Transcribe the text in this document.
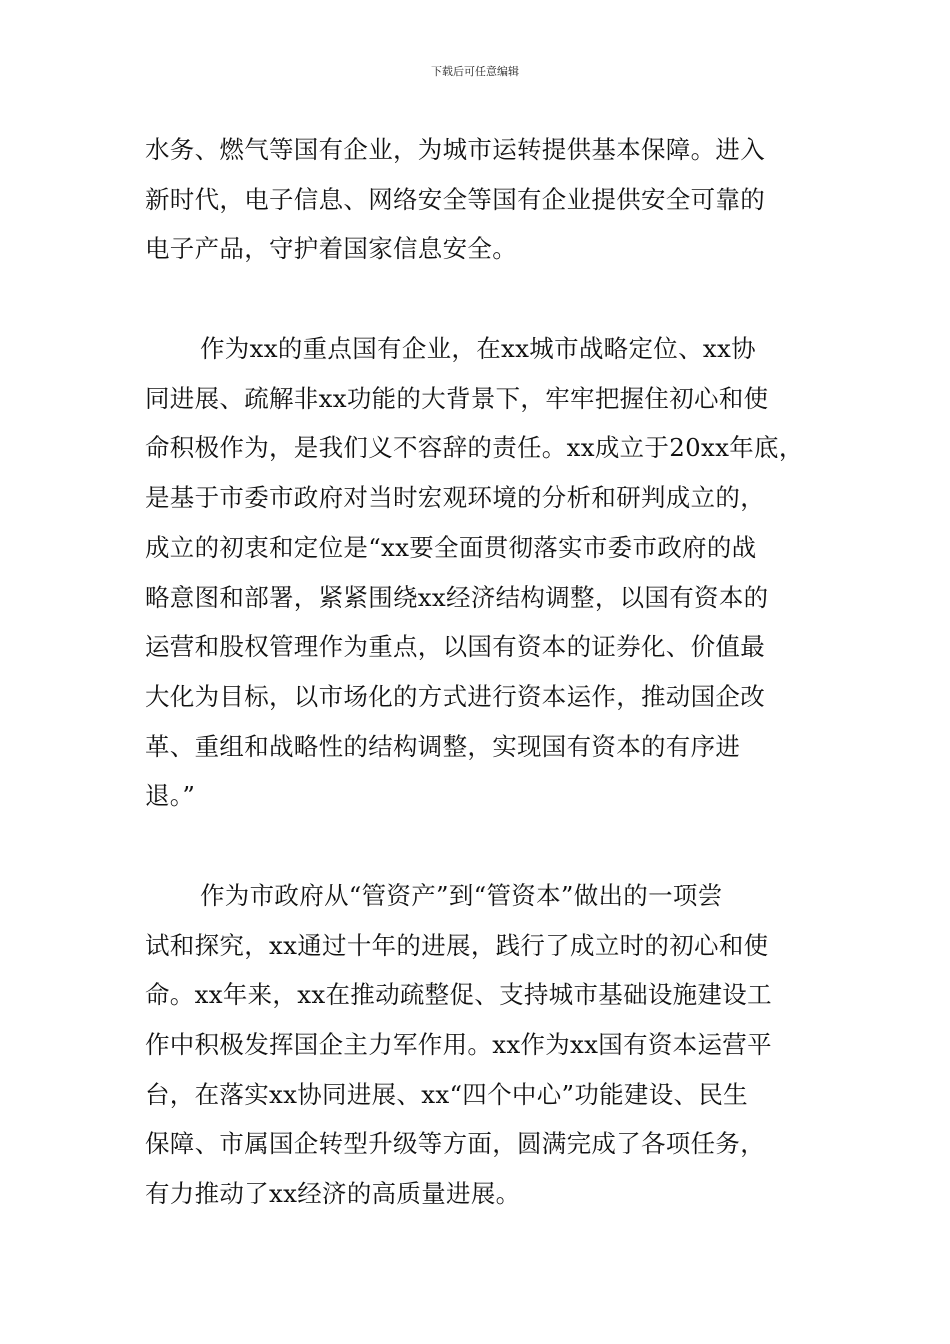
下载后可任意编辑
水务、燃气等国有企业，为城市运转提供基本保障。进入
新时代，电子信息、网络安全等国有企业提供安全可靠的
电子产品，守护着国家信息安全。
作为xx的重点国有企业，在xx城市战略定位、xx协
同进展、疏解非xx功能的大背景下，牢牢把握住初心和使
命积极作为，是我们义不容辞的责任。xx成立于20xx年底，
是基于市委市政府对当时宏观环境的分析和研判成立的，
成立的初衷和定位是“xx要全面贯彻落实市委市政府的战
略意图和部署，紧紧围绕xx经济结构调整，以国有资本的
运营和股权管理作为重点，以国有资本的证券化、价值最
大化为目标，以市场化的方式进行资本运作，推动国企改
革、重组和战略性的结构调整，实现国有资本的有序进
退。”
作为市政府从“管资产”到“管资本”做出的一项尝
试和探究，xx通过十年的进展，践行了成立时的初心和使
命。xx年来，xx在推动疏整促、支持城市基础设施建设工
作中积极发挥国企主力军作用。xx作为xx国有资本运营平
台，在落实xx协同进展、xx“四个中心”功能建设、民生
保障、市属国企转型升级等方面，圆满完成了各项任务，
有力推动了xx经济的高质量进展。
